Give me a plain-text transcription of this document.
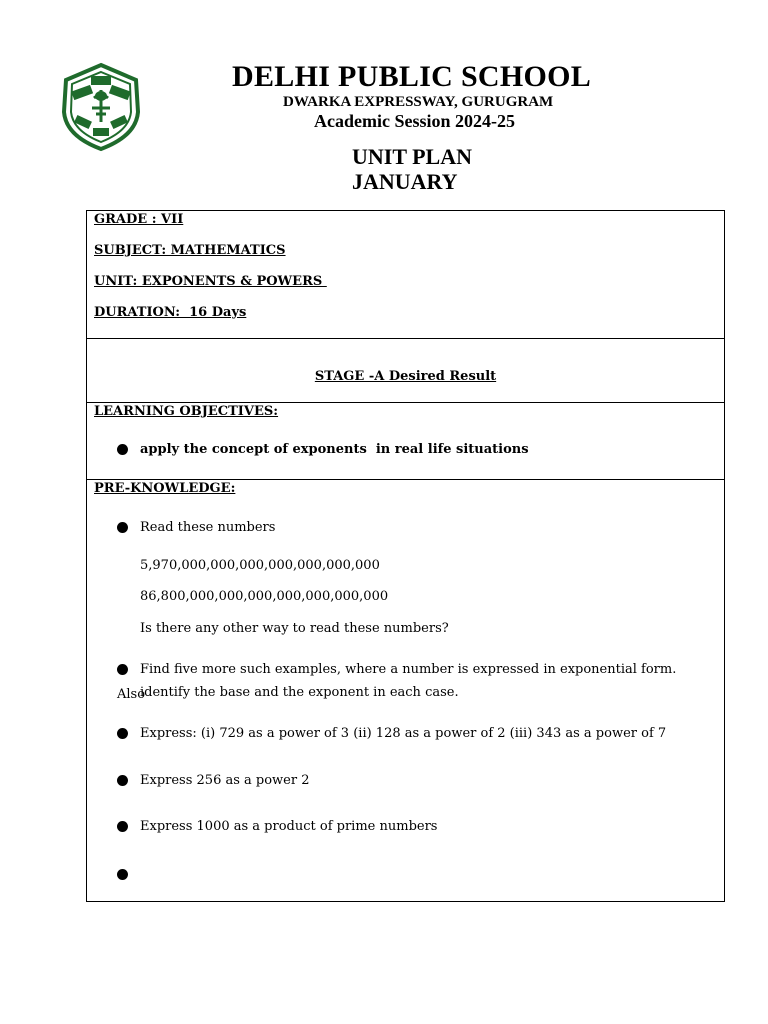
DELHI PUBLIC SCHOOL
DWARKA EXPRESSWAY, GURUGRAM
Academic Session 2024-25
UNIT PLAN
JANUARY

GRADE : VII

SUBJECT: MATHEMATICS

UNIT: EXPONENTS & POWERS

DURATION:  16 Days

STAGE -A Desired Result
LEARNING OBJECTIVES:
apply the concept of exponents  in real life situations
PRE-KNOWLEDGE:
Read these numbers
5,970,000,000,000,000,000,000,000
86,800,000,000,000,000,000,000,000
Is there any other way to read these numbers?
Find five more such examples, where a number is expressed in exponential form. Also
identify the base and the exponent in each case.
Express: (i) 729 as a power of 3 (ii) 128 as a power of 2 (iii) 343 as a power of 7
Express 256 as a power 2
Express 1000 as a product of prime numbers
